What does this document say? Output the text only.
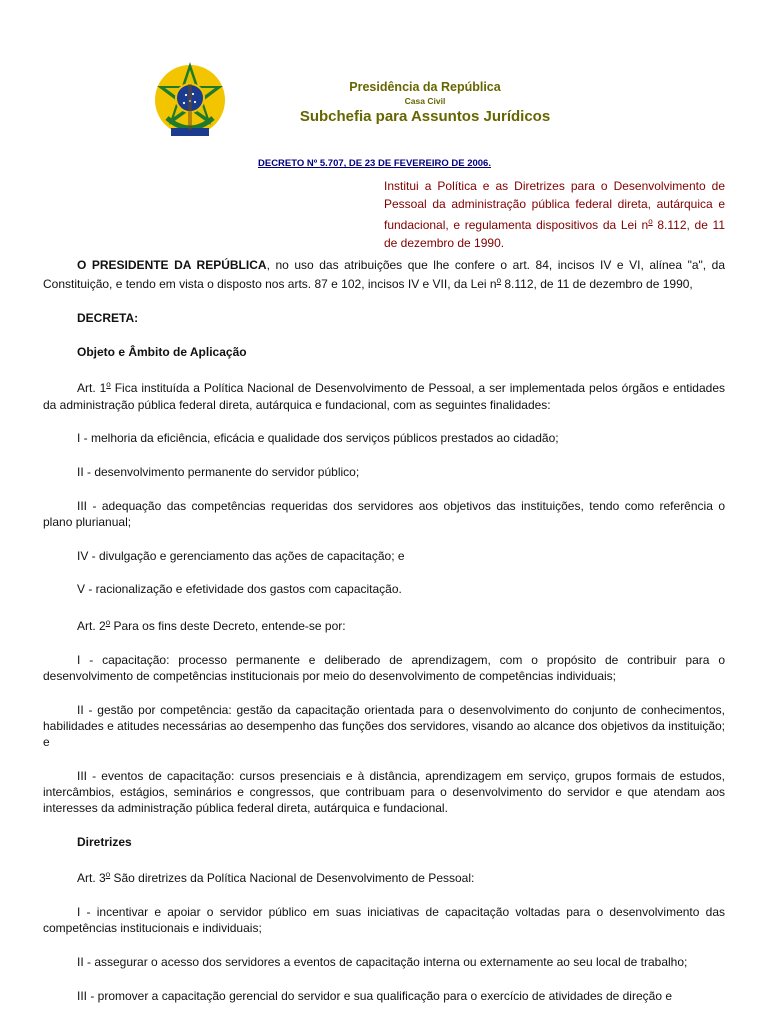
Presidência da República
Casa Civil
Subchefia para Assuntos Jurídicos
DECRETO Nº 5.707, DE 23 DE FEVEREIRO DE 2006.
Institui a Política e as Diretrizes para o Desenvolvimento de Pessoal da administração pública federal direta, autárquica e fundacional, e regulamenta dispositivos da Lei $n^o$ 8.112, de 11 de dezembro de 1990.

O PRESIDENTE DA REPÚBLICA, no uso das atribuições que lhe confere o art. 84, incisos IV e VI, alínea "a", da Constituição, e tendo em vista o disposto nos arts. 87 e 102, incisos IV e VII, da Lei $n^o$ 8.112, de 11 de dezembro de 1990,

DECRETA:

Objeto e Âmbito de Aplicação

Art. 1$^o$ Fica instituída a Política Nacional de Desenvolvimento de Pessoal, a ser implementada pelos órgãos e entidades da administração pública federal direta, autárquica e fundacional, com as seguintes finalidades:

I - melhoria da eficiência, eficácia e qualidade dos serviços públicos prestados ao cidadão;

II - desenvolvimento permanente do servidor público;

III - adequação das competências requeridas dos servidores aos objetivos das instituições, tendo como referência o plano plurianual;

IV - divulgação e gerenciamento das ações de capacitação; e

V - racionalização e efetividade dos gastos com capacitação.

Art. 2$^o$ Para os fins deste Decreto, entende-se por:

I - capacitação: processo permanente e deliberado de aprendizagem, com o propósito de contribuir para o desenvolvimento de competências institucionais por meio do desenvolvimento de competências individuais;

II - gestão por competência: gestão da capacitação orientada para o desenvolvimento do conjunto de conhecimentos, habilidades e atitudes necessárias ao desempenho das funções dos servidores, visando ao alcance dos objetivos da instituição; e

III - eventos de capacitação: cursos presenciais e à distância, aprendizagem em serviço, grupos formais de estudos, intercâmbios, estágios, seminários e congressos, que contribuam para o desenvolvimento do servidor e que atendam aos interesses da administração pública federal direta, autárquica e fundacional.

Diretrizes

Art. 3$^o$ São diretrizes da Política Nacional de Desenvolvimento de Pessoal:

I - incentivar e apoiar o servidor público em suas iniciativas de capacitação voltadas para o desenvolvimento das competências institucionais e individuais;

II - assegurar o acesso dos servidores a eventos de capacitação interna ou externamente ao seu local de trabalho;

III - promover a capacitação gerencial do servidor e sua qualificação para o exercício de atividades de direção e
